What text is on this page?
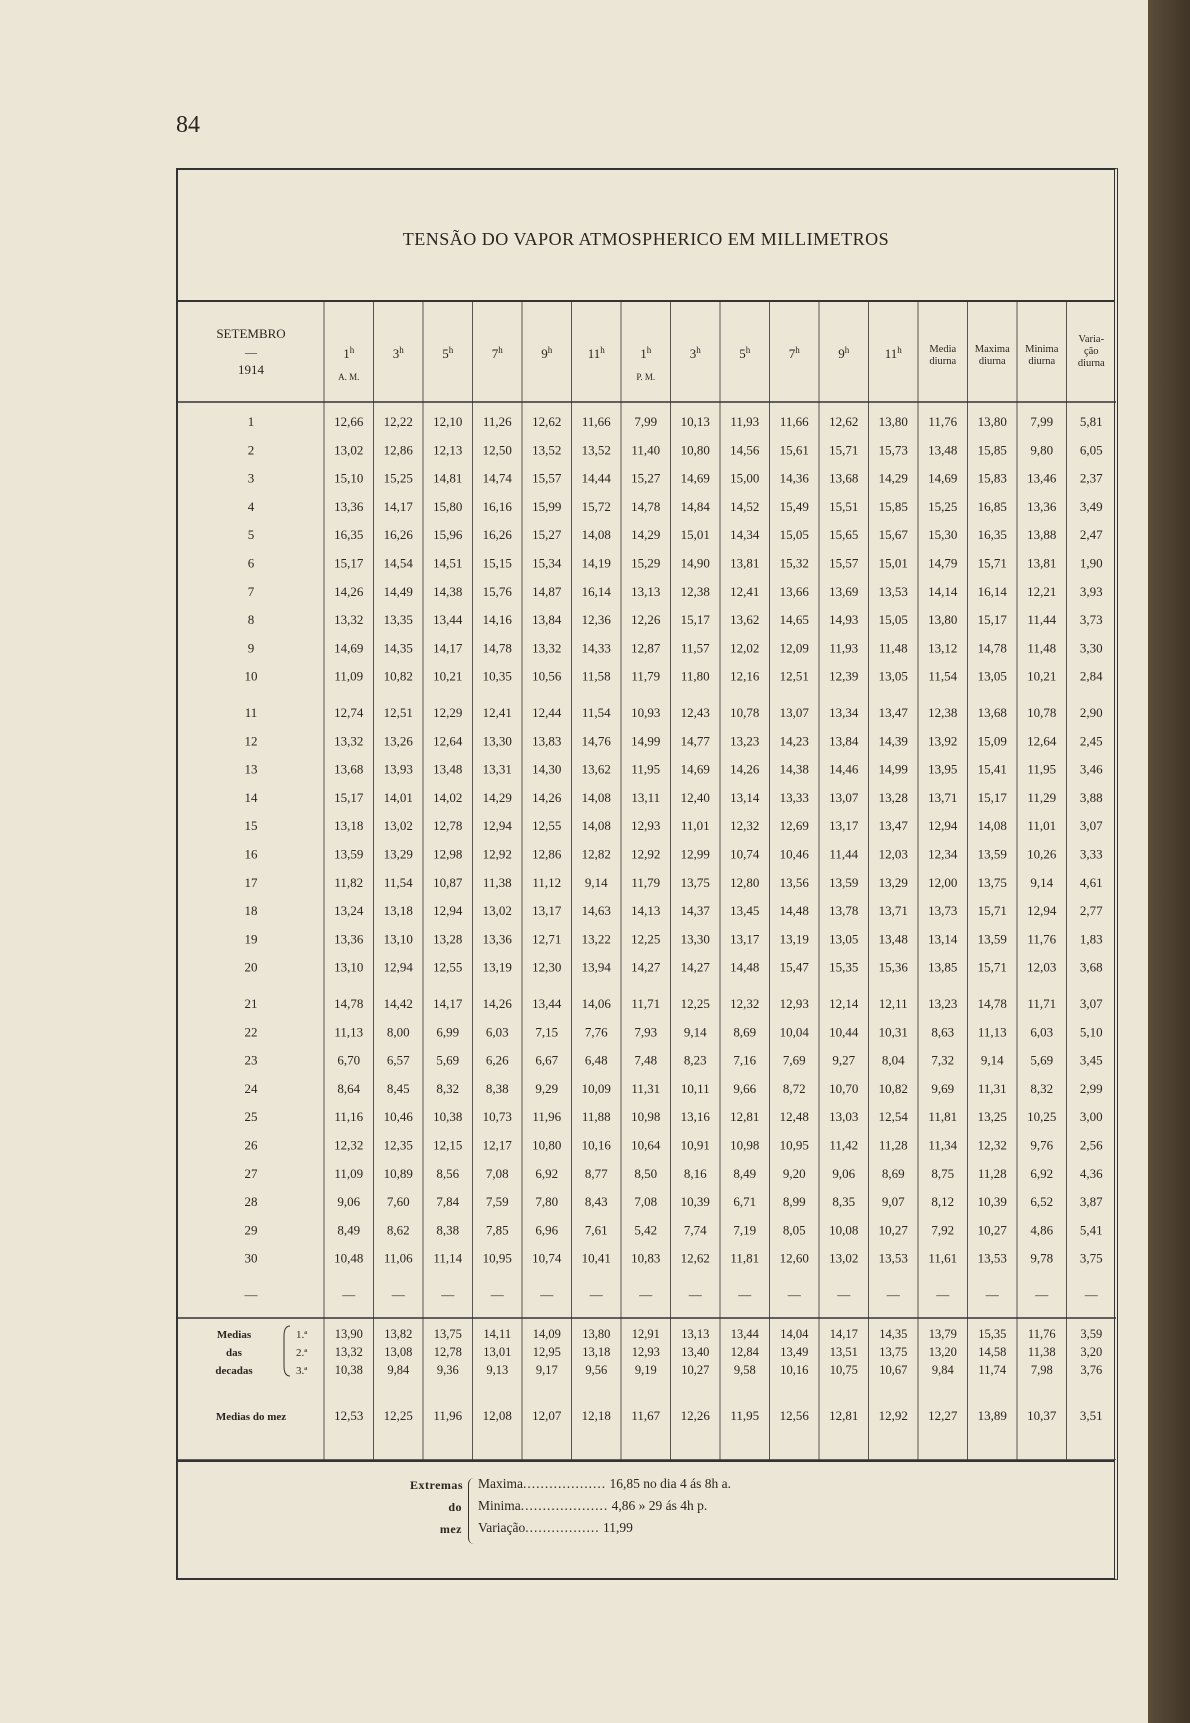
84
TENSÃO DO VAPOR ATMOSPHERICO EM MILLIMETROS
SETEMBRO
—
1914
1$^h$	3$^h$	5$^h$	7$^h$	9$^h$	11$^h$	1$^h$	3$^h$	5$^h$	7$^h$	9$^h$	11$^h$
A. M.	P. M.
Media
diurna
Maxima
diurna
Minima
diurna
Varia-
ção
diurna
1	12,66 12,22 12,10 11,26 12,62 11,66 7,99 10,13 11,93 11,66 12,62 13,80 11,76 13,80 7,99 5,81
2	13,02 12,86 12,13 12,50 13,52 13,52 11,40 10,80 14,56 15,61 15,71 15,73 13,48 15,85 9,80 6,05
3	15,10 15,25 14,81 14,74 15,57 14,44 15,27 14,69 15,00 14,36 13,68 14,29 14,69 15,83 13,46 2,37
4	13,36 14,17 15,80 16,16 15,99 15,72 14,78 14,84 14,52 15,49 15,51 15,85 15,25 16,85 13,36 3,49
5	16,35 16,26 15,96 16,26 15,27 14,08 14,29 15,01 14,34 15,05 15,65 15,67 15,30 16,35 13,88 2,47
6	15,17 14,54 14,51 15,15 15,34 14,19 15,29 14,90 13,81 15,32 15,57 15,01 14,79 15,71 13,81 1,90
7	14,26 14,49 14,38 15,76 14,87 16,14 13,13 12,38 12,41 13,66 13,69 13,53 14,14 16,14 12,21 3,93
8	13,32 13,35 13,44 14,16 13,84 12,36 12,26 15,17 13,62 14,65 14,93 15,05 13,80 15,17 11,44 3,73
9	14,69 14,35 14,17 14,78 13,32 14,33 12,87 11,57 12,02 12,09 11,93 11,48 13,12 14,78 11,48 3,30
10	11,09 10,82 10,21 10,35 10,56 11,58 11,79 11,80 12,16 12,51 12,39 13,05 11,54 13,05 10,21 2,84
11	12,74 12,51 12,29 12,41 12,44 11,54 10,93 12,43 10,78 13,07 13,34 13,47 12,38 13,68 10,78 2,90
12	13,32 13,26 12,64 13,30 13,83 14,76 14,99 14,77 13,23 14,23 13,84 14,39 13,92 15,09 12,64 2,45
13	13,68 13,93 13,48 13,31 14,30 13,62 11,95 14,69 14,26 14,38 14,46 14,99 13,95 15,41 11,95 3,46
14	15,17 14,01 14,02 14,29 14,26 14,08 13,11 12,40 13,14 13,33 13,07 13,28 13,71 15,17 11,29 3,88
15	13,18 13,02 12,78 12,94 12,55 14,08 12,93 11,01 12,32 12,69 13,17 13,47 12,94 14,08 11,01 3,07
16	13,59 13,29 12,98 12,92 12,86 12,82 12,92 12,99 10,74 10,46 11,44 12,03 12,34 13,59 10,26 3,33
17	11,82 11,54 10,87 11,38 11,12 9,14 11,79 13,75 12,80 13,56 13,59 13,29 12,00 13,75 9,14 4,61
18	13,24 13,18 12,94 13,02 13,17 14,63 14,13 14,37 13,45 14,48 13,78 13,71 13,73 15,71 12,94 2,77
19	13,36 13,10 13,28 13,36 12,71 13,22 12,25 13,30 13,17 13,19 13,05 13,48 13,14 13,59 11,76 1,83
20	13,10 12,94 12,55 13,19 12,30 13,94 14,27 14,27 14,48 15,47 15,35 15,36 13,85 15,71 12,03 3,68
21	14,78 14,42 14,17 14,26 13,44 14,06 11,71 12,25 12,32 12,93 12,14 12,11 13,23 14,78 11,71 3,07
22	11,13 8,00 6,99 6,03 7,15 7,76 7,93 9,14 8,69 10,04 10,44 10,31 8,63 11,13 6,03 5,10
23	6,70 6,57 5,69 6,26 6,67 6,48 7,48 8,23 7,16 7,69 9,27 8,04 7,32 9,14 5,69 3,45
24	8,64 8,45 8,32 8,38 9,29 10,09 11,31 10,11 9,66 8,72 10,70 10,82 9,69 11,31 8,32 2,99
25	11,16 10,46 10,38 10,73 11,96 11,88 10,98 13,16 12,81 12,48 13,03 12,54 11,81 13,25 10,25 3,00
26	12,32 12,35 12,15 12,17 10,80 10,16 10,64 10,91 10,98 10,95 11,42 11,28 11,34 12,32 9,76 2,56
27	11,09 10,89 8,56 7,08 6,92 8,77 8,50 8,16 8,49 9,20 9,06 8,69 8,75 11,28 6,92 4,36
28	9,06 7,60 7,84 7,59 7,80 8,43 7,08 10,39 6,71 8,99 8,35 9,07 8,12 10,39 6,52 3,87
29	8,49 8,62 8,38 7,85 6,96 7,61 5,42 7,74 7,19 8,05 10,08 10,27 7,92 10,27 4,86 5,41
30	10,48 11,06 11,14 10,95 10,74 10,41 10,83 12,62 11,81 12,60 13,02 13,53 11,61 13,53 9,78 3,75
—	—	—	—	—	—	—	—	—	—	—	—	—	—	—	—	—
Medias
das
decadas
1.ª
2.ª
3.ª
13,90 13,82 13,75 14,11 14,09 13,80 12,91 13,13 13,44 14,04 14,17 14,35 13,79 15,35 11,76 3,59
13,32 13,08 12,78 13,01 12,95 13,18 12,93 13,40 12,84 13,49 13,51 13,75 13,20 14,58 11,38 3,20
10,38 9,84 9,36 9,13 9,17 9,56 9,19 10,27 9,58 10,16 10,75 10,67 9,84 11,74 7,98 3,76
Medias do mez	12,53 12,25 11,96 12,08 12,07 12,18 11,67 12,26 11,95 12,56 12,81 12,92 12,27 13,89 10,37 3,51
Extremas
do
mez
Maxima................... 16,85 no dia 4 ás 8h a.
Minima.................... 4,86 » 29 ás 4h p.
Variação................. 11,99
